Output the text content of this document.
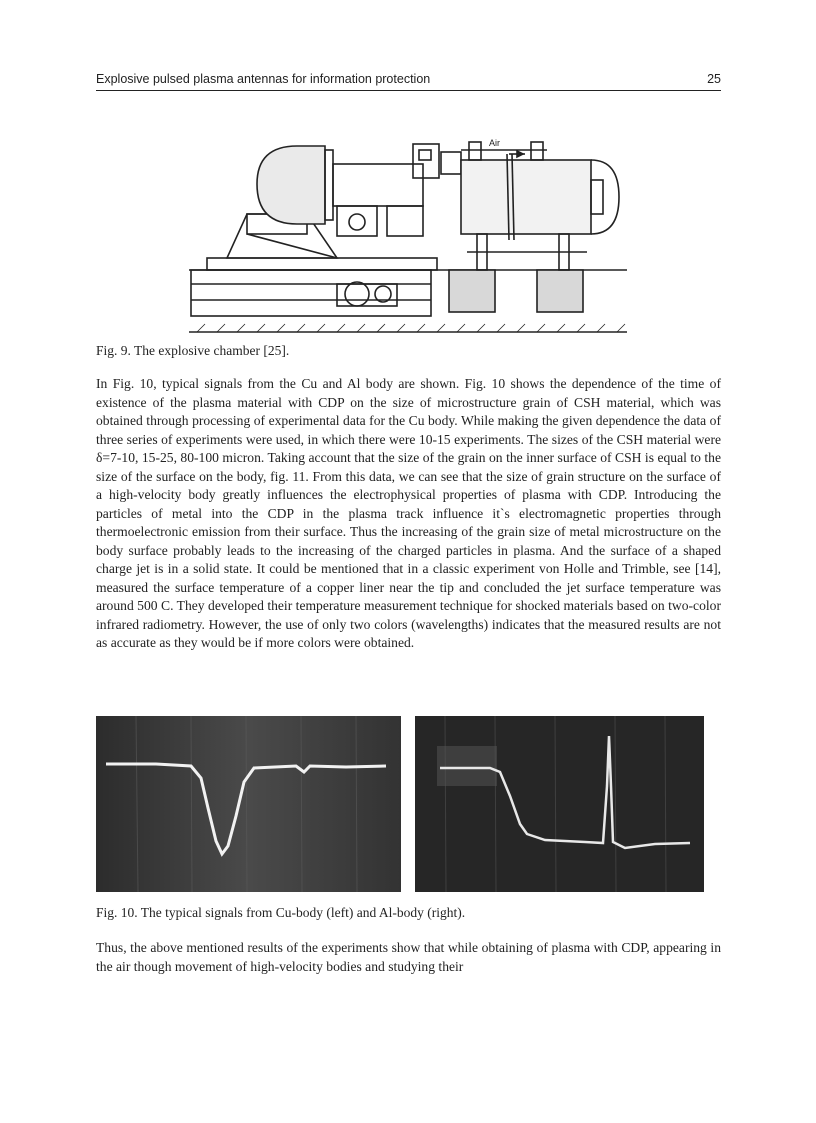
Explosive pulsed plasma antennas for information protection	25
Air
Fig. 9. The explosive chamber [25].

In Fig. 10, typical signals from the Cu and Al body are shown. Fig. 10 shows the dependence of the time of existence of the plasma material with CDP on the size of microstructure grain of CSH material, which was obtained through processing of experimental data for the Cu body. While making the given dependence the data of three series of experiments were used, in which there were 10-15 experiments. The sizes of the CSH material were δ=7-10, 15-25, 80-100 micron. Taking account that the size of the grain on the inner surface of CSH is equal to the size of the surface on the body, fig. 11. From this data, we can see that the size of grain structure on the surface of a high-velocity body greatly influences the electrophysical properties of plasma with CDP. Introducing the particles of metal into the CDP in the plasma track influence it`s electromagnetic properties through thermoelectronic emission from their surface. Thus the increasing of the grain size of metal microstructure on the body surface probably leads to the increasing of the charged particles in plasma. And the surface of a shaped charge jet is in a solid state. It could be mentioned that in a classic experiment von Holle and Trimble, see [14], measured the surface temperature of a copper liner near the tip and concluded the jet surface temperature was around 500 C. They developed their temperature measurement technique for shocked materials based on two-color infrared radiometry. However, the use of only two colors (wavelengths) indicates that the measured results are not as accurate as they would be if more colors were obtained.

Fig. 10. The typical signals from Cu-body (left) and Al-body (right).

Thus, the above mentioned results of the experiments show that while obtaining of plasma with CDP, appearing in the air though movement of high-velocity bodies and studying their
